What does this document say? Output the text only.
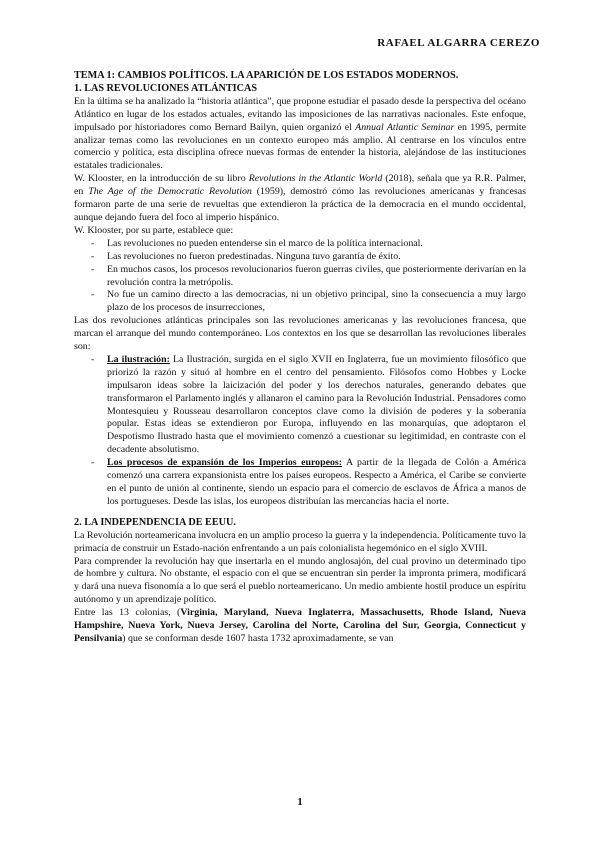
RAFAEL ALGARRA CEREZO

TEMA 1: CAMBIOS POLÍTICOS. LA APARICIÓN DE LOS ESTADOS MODERNOS.

1. LAS REVOLUCIONES ATLÁNTICAS

En la última se ha analizado la “historia atlántica”, que propone estudiar el pasado desde la perspectiva del océano Atlántico en lugar de los estados actuales, evitando las imposiciones de las narrativas nacionales. Este enfoque, impulsado por historiadores como Bernard Bailyn, quien organizó el Annual Atlantic Seminar en 1995, permite analizar temas como las revoluciones en un contexto europeo más amplio. Al centrarse en los vínculos entre comercio y política, esta disciplina ofrece nuevas formas de entender la historia, alejándose de las instituciones estatales tradicionales.

W. Klooster, en la introducción de su libro Revolutions in the Atlantic World (2018), señala que ya R.R. Palmer, en The Age of the Democratic Revolution (1959), demostró cómo las revoluciones americanas y francesas formaron parte de una serie de revueltas que extendieron la práctica de la democracia en el mundo occidental, aunque dejando fuera del foco al imperio hispánico.

W. Klooster, por su parte, establece que:

- Las revoluciones no pueden entenderse sin el marco de la política internacional.
- Las revoluciones no fueron predestinadas. Ninguna tuvo garantía de éxito.
- En muchos casos, los procesos revolucionarios fueron guerras civiles, que posteriormente derivarían en la revolución contra la metrópolis.
- No fue un camino directo a las democracias, ni un objetivo principal, sino la consecuencia a muy largo plazo de los procesos de insurrecciones,

Las dos revoluciones atlánticas principales son las revoluciones americanas y las revoluciones francesa, que marcan el arranque del mundo contemporáneo. Los contextos en los que se desarrollan las revoluciones liberales son:

- La ilustración: La Ilustración, surgida en el siglo XVII en Inglaterra, fue un movimiento filosófico que priorizó la razón y situó al hombre en el centro del pensamiento. Filósofos como Hobbes y Locke impulsaron ideas sobre la laicización del poder y los derechos naturales, generando debates que transformaron el Parlamento inglés y allanaron el camino para la Revolución Industrial. Pensadores como Montesquieu y Rousseau desarrollaron conceptos clave como la división de poderes y la soberanía popular. Estas ideas se extendieron por Europa, influyendo en las monarquías, que adoptaron el Despotismo Ilustrado hasta que el movimiento comenzó a cuestionar su legitimidad, en contraste con el decadente absolutismo.
- Los procesos de expansión de los Imperios europeos: A partir de la llegada de Colón a América comenzó una carrera expansionista entre los países europeos. Respecto a América, el Caribe se convierte en el punto de unión al continente, siendo un espacio para el comercio de esclavos de África a manos de los portugueses. Desde las islas, los europeos distribuían las mercancías hacia el norte.

2. LA INDEPENDENCIA DE EEUU.

La Revolución norteamericana involucra en un amplio proceso la guerra y la independencia. Políticamente tuvo la primacía de construir un Estado-nación enfrentando a un país colonialista hegemónico en el siglo XVIII.

Para comprender la revolución hay que insertarla en el mundo anglosajón, del cual provino un determinado tipo de hombre y cultura. No obstante, el espacio con el que se encuentran sin perder la impronta primera, modificará y dará una nueva fisonomía a lo que será el pueblo norteamericano. Un medio ambiente hostil produce un espíritu autónomo y un aprendizaje político.

Entre las 13 colonias, (Virginia, Maryland, Nueva Inglaterra, Massachusetts, Rhode Island, Nueva Hampshire, Nueva York, Nueva Jersey, Carolina del Norte, Carolina del Sur, Georgia, Connecticut y Pensilvania) que se conforman desde 1607 hasta 1732 aproximadamente, se van

1
